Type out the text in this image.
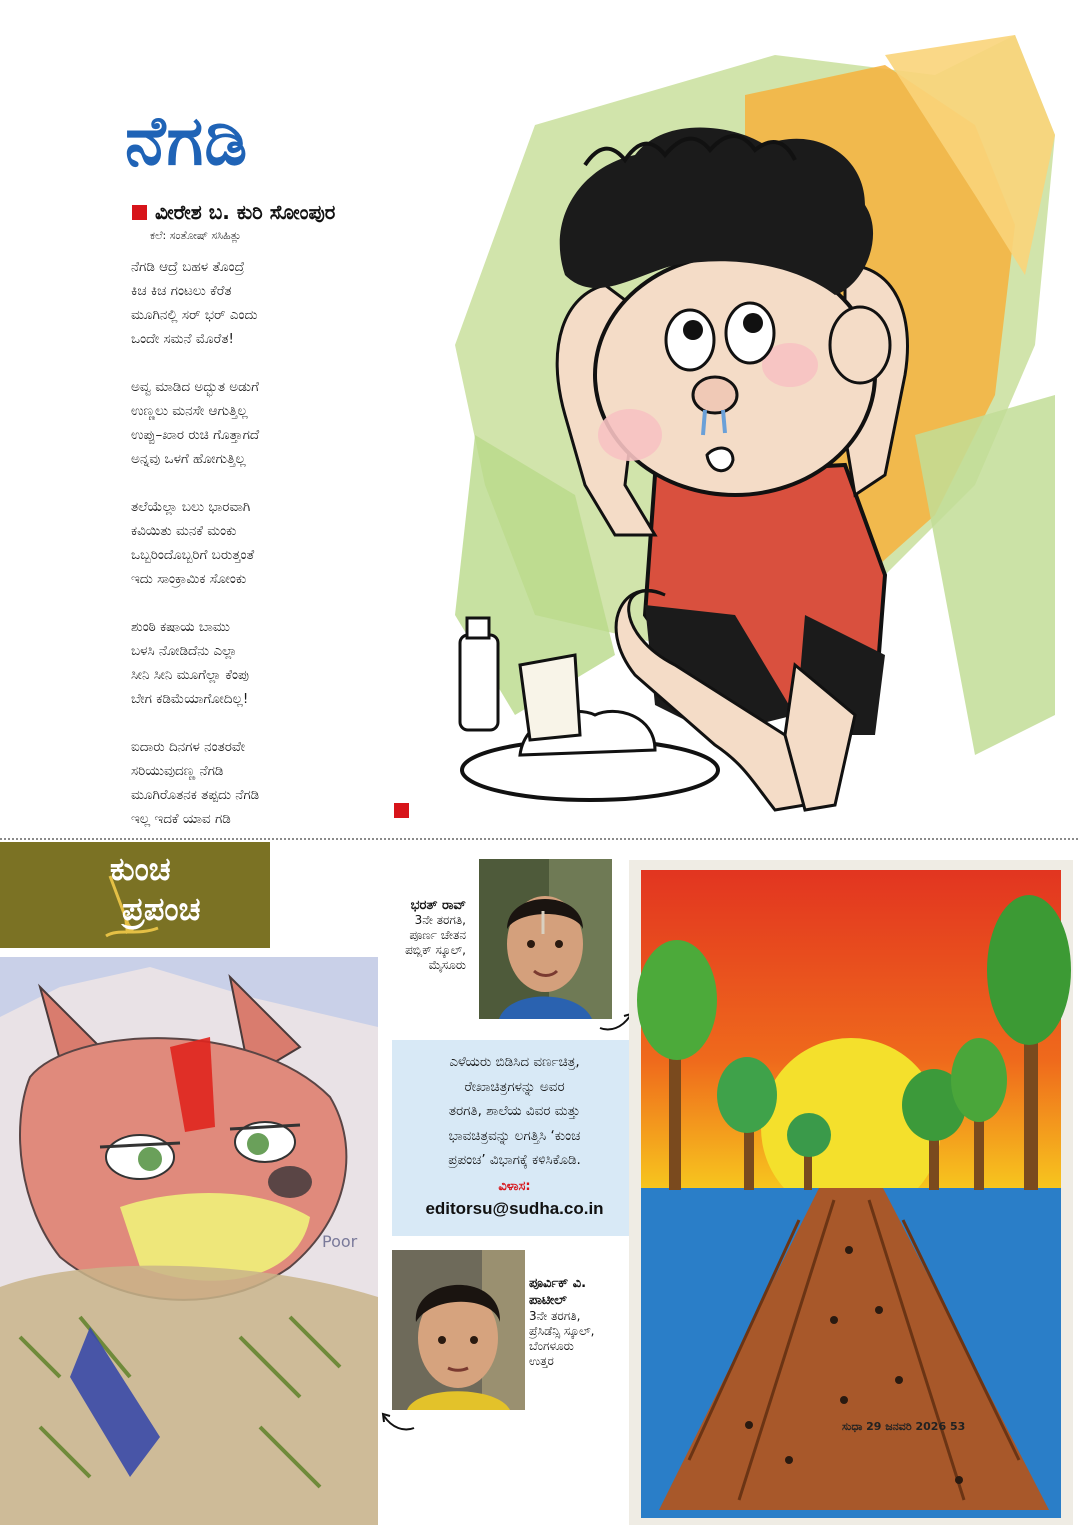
ನೆಗಡಿ
ವೀರೇಶ ಬ. ಕುರಿ ಸೋಂಪುರ
ಕಲೆ: ಸಂತೋಷ್ ಸಸಿಹಿತ್ಲು
ನೆಗಡಿ ಆದ್ರೆ ಬಹಳ ತೊಂದ್ರೆ
ಕಿಚ ಕಿಚ ಗಂಟಲು ಕೆರೆತ
ಮೂಗಿನಲ್ಲಿ ಸರ್ ಭರ್ ಎಂದು
ಒಂದೇ ಸಮನೆ ಮೊರೆತ!
ಅವ್ವ ಮಾಡಿದ ಅದ್ಭುತ ಅಡುಗೆ
ಉಣ್ಣಲು ಮನಸೇ ಆಗುತ್ತಿಲ್ಲ
ಉಪ್ಪು–ಖಾರ ರುಚಿ ಗೊತ್ತಾಗದೆ
ಅನ್ನವು ಒಳಗೆ ಹೋಗುತ್ತಿಲ್ಲ
ತಲೆಯೆಲ್ಲಾ ಬಲು ಭಾರವಾಗಿ
ಕವಿಯಿತು ಮನಕೆ ಮಂಕು
ಒಬ್ಬರಿಂದೊಬ್ಬರಿಗೆ ಬರುತ್ತಂತೆ
ಇದು ಸಾಂಕ್ರಾಮಿಕ ಸೋಂಕು
ಶುಂಠಿ ಕಷಾಯ ಬಾಮು
ಬಳಸಿ ನೋಡಿದೆನು ಎಲ್ಲಾ
ಸೀನಿ ಸೀನಿ ಮೂಗೆಲ್ಲಾ ಕೆಂಪು
ಬೇಗ ಕಡಿಮೆಯಾಗೋದಿಲ್ಲ!
ಐದಾರು ದಿನಗಳ ನಂತರವೇ
ಸರಿಯುವುದಣ್ಣ ನೆಗಡಿ
ಮೂಗಿರೊತನಕ ತಪ್ಪದು ನೆಗಡಿ
ಇಲ್ಲ ಇದಕೆ ಯಾವ ಗಡಿ
ಕುಂಚ
ಪ್ರಪಂಚ
Poor
ಭರತ್ ರಾವ್
3ನೇ ತರಗತಿ,
ಪೂರ್ಣ ಚೇತನ
ಪಬ್ಲಿಕ್ ಸ್ಕೂಲ್,
ಮೈಸೂರು
ಎಳೆಯರು ಬಿಡಿಸಿದ ವರ್ಣಚಿತ್ರ,
ರೇಖಾಚಿತ್ರಗಳನ್ನು ಅವರ
ತರಗತಿ, ಶಾಲೆಯ ವಿವರ ಮತ್ತು
ಭಾವಚಿತ್ರವನ್ನು ಲಗತ್ತಿಸಿ ‘ಕುಂಚ
ಪ್ರಪಂಚ’ ವಿಭಾಗಕ್ಕೆ ಕಳಿಸಿಕೊಡಿ.
ವಿಳಾಸ:
editorsu@sudha.co.in
ಪೂರ್ವಿಕ್ ವಿ.
ಪಾಟೀಲ್
3ನೇ ತರಗತಿ,
ಪ್ರೆಸಿಡೆನ್ಸಿ ಸ್ಕೂಲ್,
ಬೆಂಗಳೂರು
ಉತ್ತರ
ಸುಧಾ 29 ಜನವರಿ 2026 53
